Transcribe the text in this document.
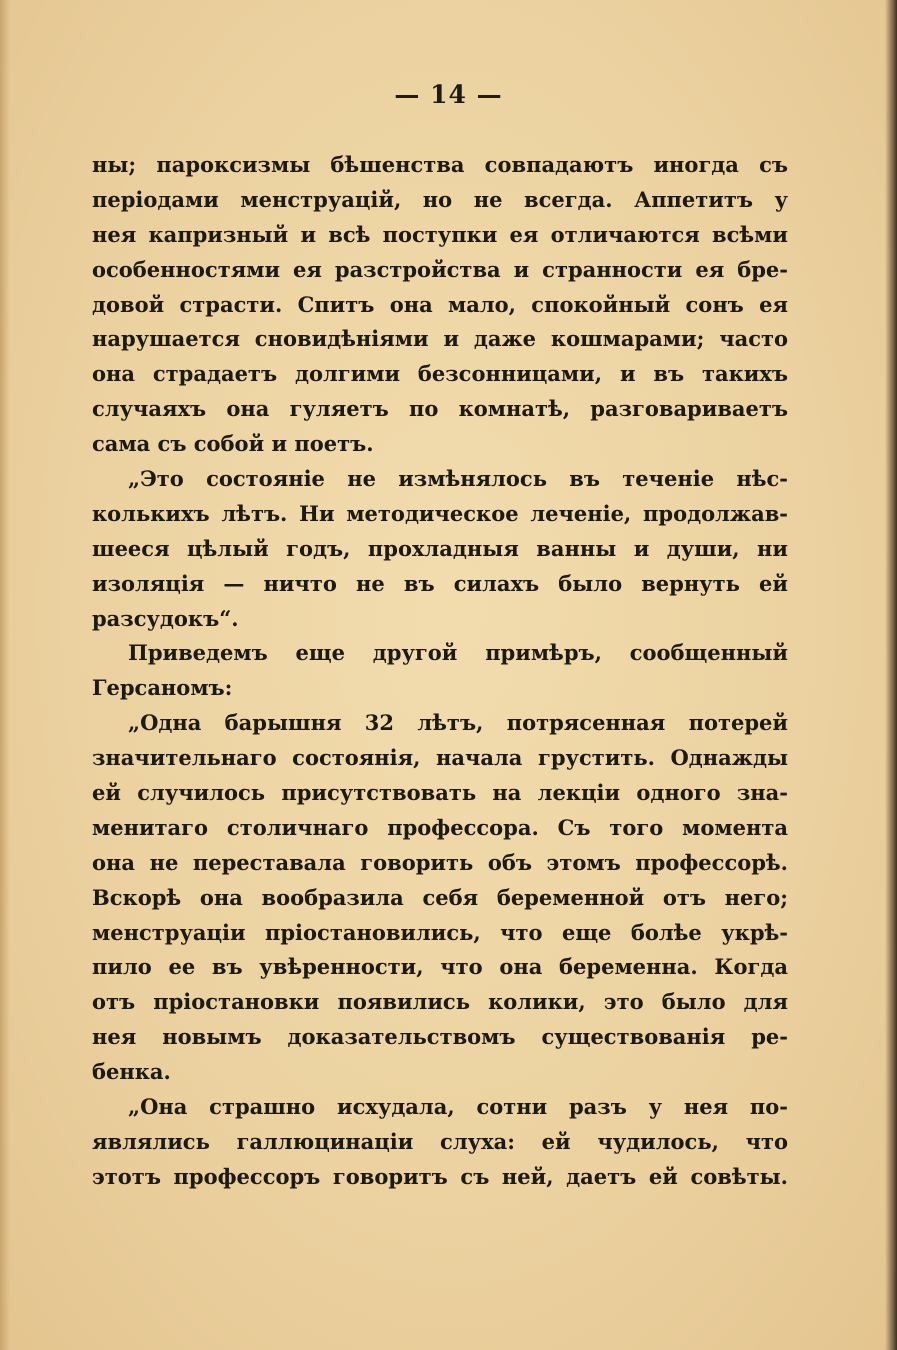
— 14 —
ны; пароксизмы бѣшенства совпадаютъ иногда съ
періодами менструацій, но не всегда. Аппетитъ у
нея капризный и всѣ поступки ея отличаются всѣми
особенностями ея разстройства и странности ея бре-
довой страсти. Спитъ она мало, спокойный сонъ ея
нарушается сновидѣніями и даже кошмарами; часто
она страдаетъ долгими безсонницами, и въ такихъ
случаяхъ она гуляетъ по комнатѣ, разговариваетъ
сама съ собой и поетъ.
„Это состояніе не измѣнялось въ теченіе нѣс-
колькихъ лѣтъ. Ни методическое леченіе, продолжав-
шееся цѣлый годъ, прохладныя ванны и души, ни
изоляція — ничто не въ силахъ было вернуть ей
разсудокъ“.
Приведемъ еще другой примѣръ, сообщенный
Герсаномъ:
„Одна барышня 32 лѣтъ, потрясенная потерей
значительнаго состоянія, начала грустить. Однажды
ей случилось присутствовать на лекціи одного зна-
менитаго столичнаго профессора. Съ того момента
она не переставала говорить объ этомъ профессорѣ.
Вскорѣ она вообразила себя беременной отъ него;
менструаціи пріостановились, что еще болѣе укрѣ-
пило ее въ увѣренности, что она беременна. Когда
отъ пріостановки появились колики, это было для
нея новымъ доказательствомъ существованія ре-
бенка.
„Она страшно исхудала, сотни разъ у нея по-
являлись галлюцинаціи слуха: ей чудилось, что
этотъ профессоръ говоритъ съ ней, даетъ ей совѣты.
